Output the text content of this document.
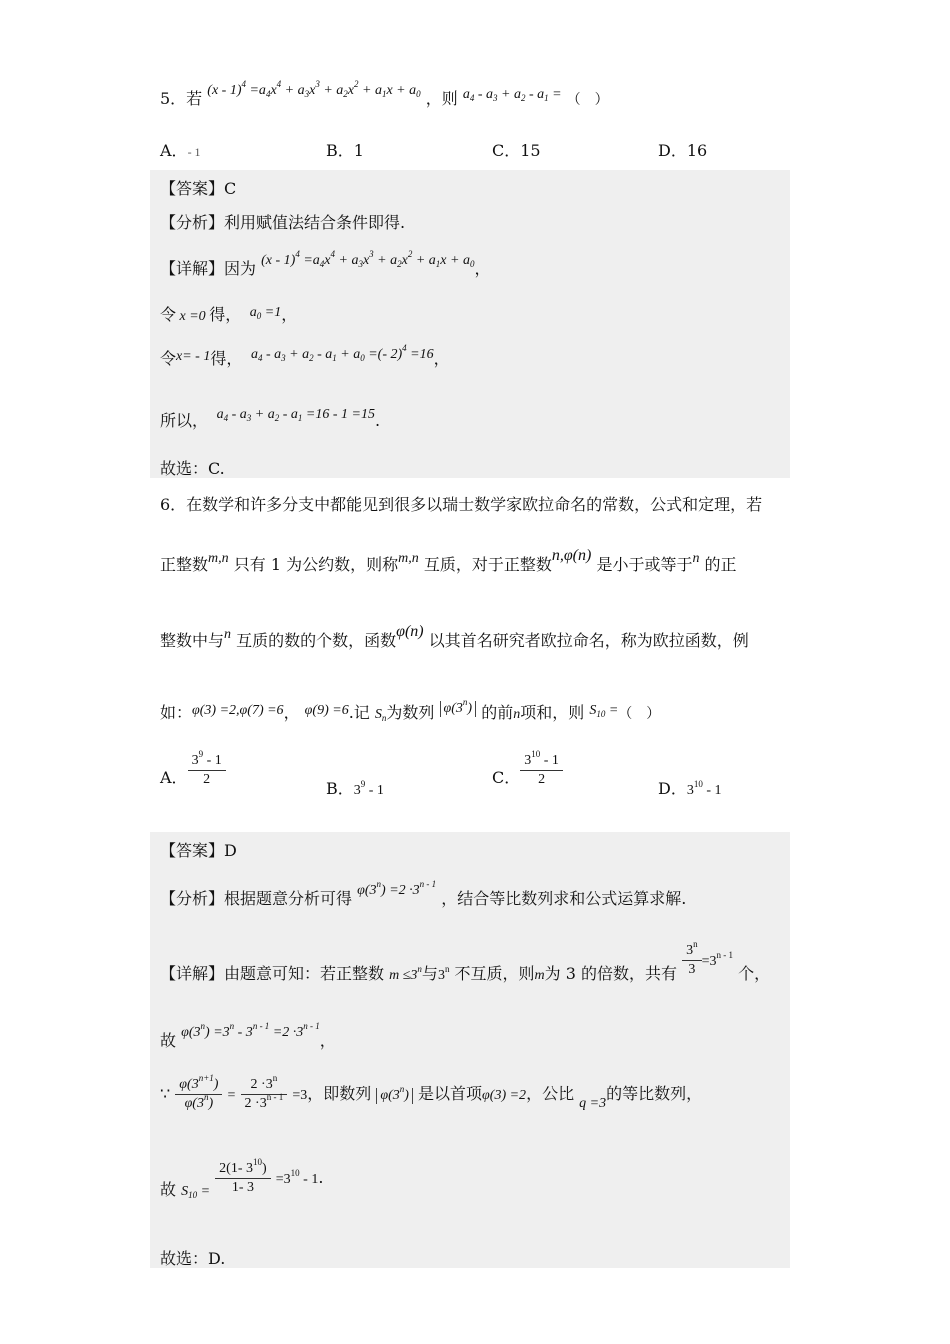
5．若 $(x - 1)^4 =a_4x^4 + a_3x^3 + a_2x^2 + a_1x + a_0$ ，则 $a_4 - a_3 + a_2 - a_1$ = （　）
A．- 1	B．1	C．15	D．16
【答案】C
【分析】利用赋值法结合条件即得.
【详解】因为 $(x - 1)^4 =a_4x^4 + a_3x^3 + a_2x^2 + a_1x + a_0$，
令 x =0 得，  $a_0 =1$，
令x= - 1得，  $a_4 - a_3 + a_2 - a_1 + a_0$ =(- 2)$^4$ =16，
所以，  $a_4 - a_3 + a_2 - a_1 =16 - 1 =15$.
故选：C.
6．在数学和许多分支中都能见到很多以瑞士数学家欧拉命名的常数，公式和定理，若
正整数m,n 只有 1 为公约数，则称m,n 互质，对于正整数n,φ(n) 是小于或等于n 的正
整数中与n 互质的数的个数，函数φ(n) 以其首名研究者欧拉命名，称为欧拉函数，例
如：φ(3) =2,φ(7) =6， φ(9) =6.记 $S_n$为数列 φ(3$^n$) 的前n项和，则 $S_{10}$ =（　）
A． $\frac{3^9 - 1}{2}$	B．$3^9 - 1$
C． $\frac{3^{10} - 1}{2}$	D．$3^{10} - 1$
【答案】D
【分析】根据题意分析可得 $\varphi(3^n) =2 \cdot 3^{n - 1}$ ，结合等比数列求和公式运算求解.
【详解】由题意可知：若正整数 $m \le 3^n$与3$^n$ 不互质，则m为 3 的倍数，共有 $\frac{3^n}{3} =3^{n - 1}$ 个，
故 $\varphi(3^n) =3^n - 3^{n - 1} =2 \cdot 3^{n - 1}$，
∵ $\frac{\varphi(3^{n+1})}{\varphi(3^n)} = \frac{2 \cdot 3^n}{2 \cdot 3^{n - 1}} =3$，即数列 φ(3$^n$) 是以首项φ(3) =2，公比 q =3的等比数列，
故 $S_{10} = \frac{2(1- 3^{10})}{1- 3} =3^{10} - 1$.
故选：D.
